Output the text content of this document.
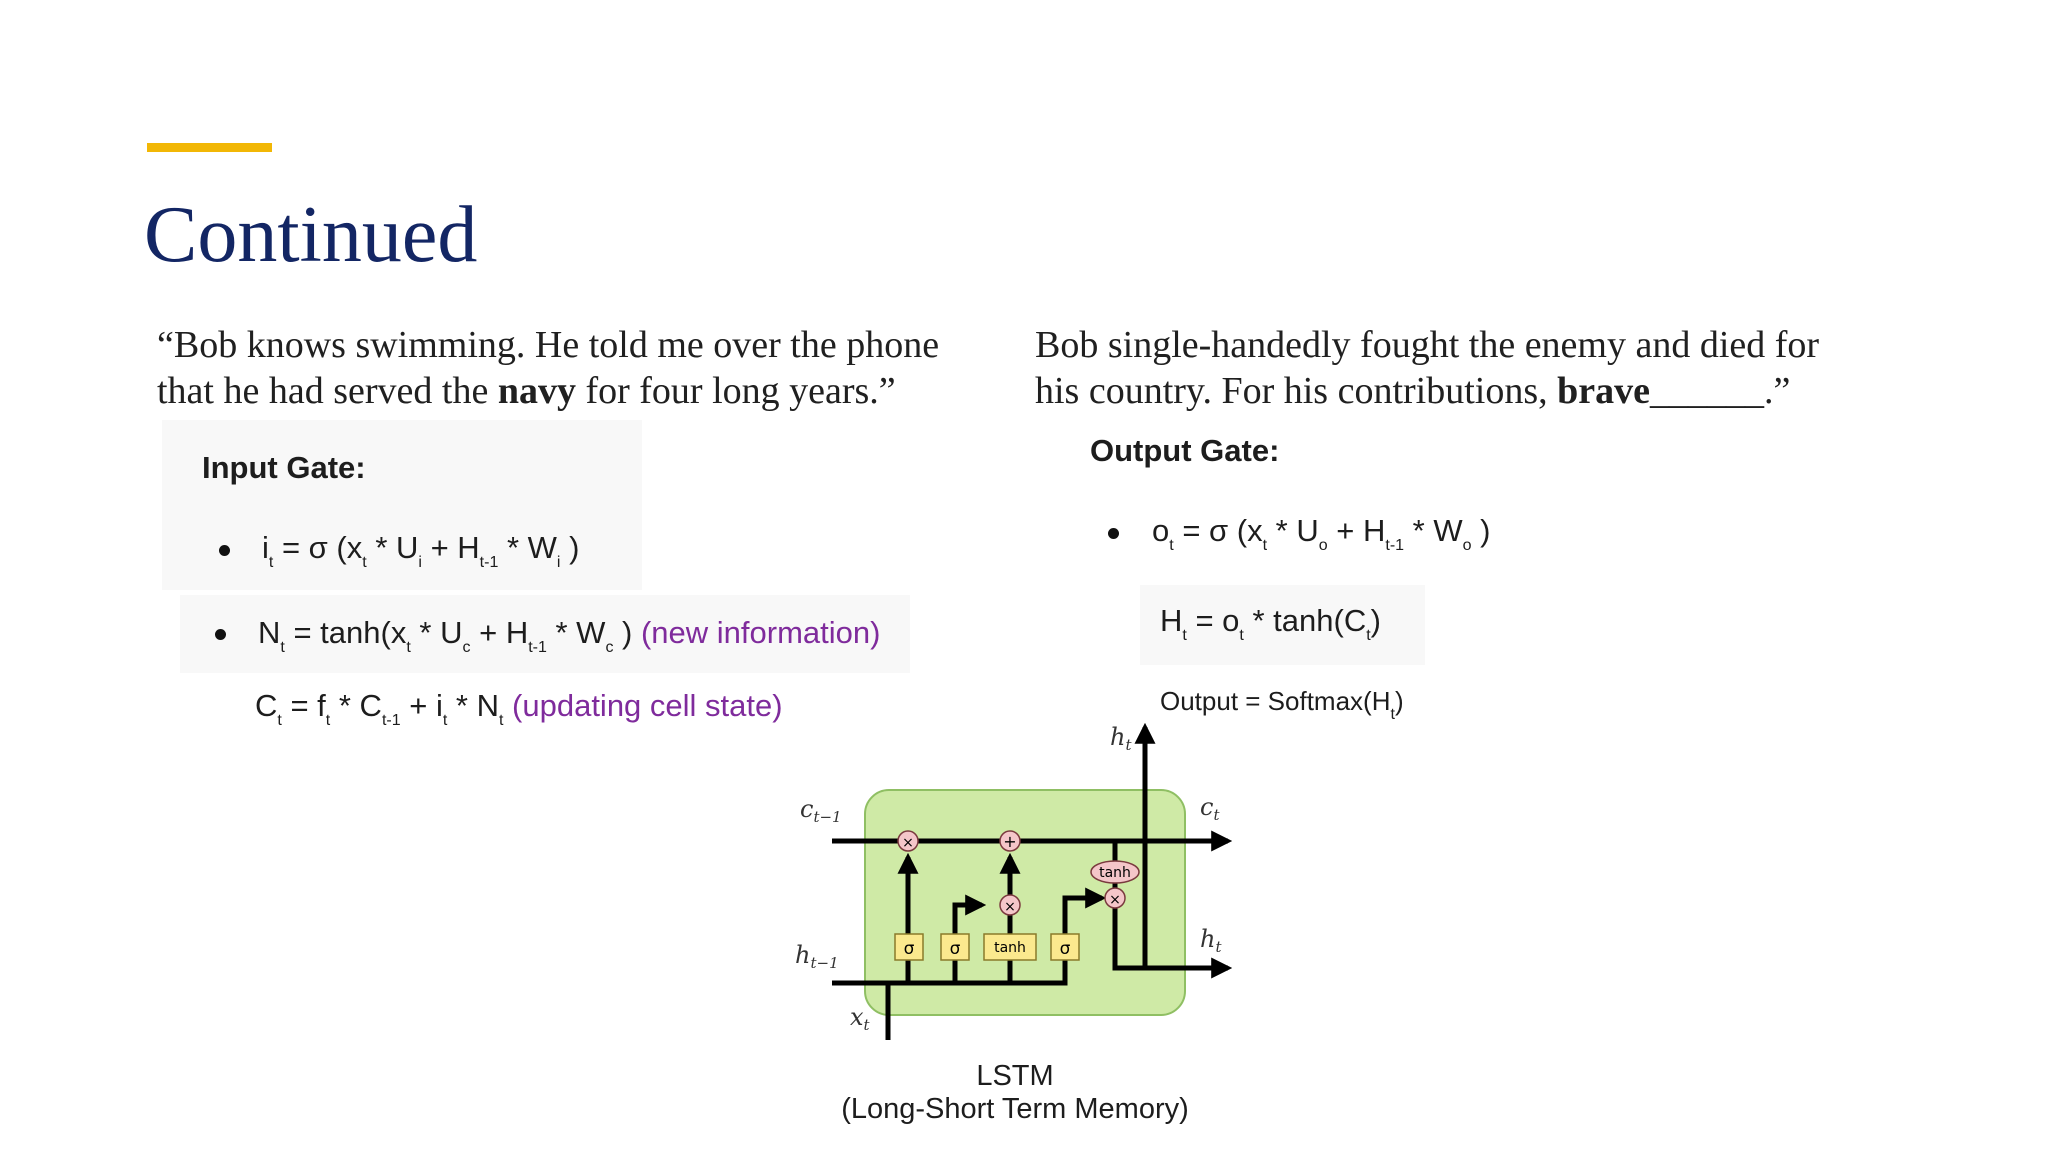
Continued
“Bob knows swimming. He told me over the phone
that he had served the navy for four long years.”
Bob single-handedly fought the enemy and died for
his country. For his contributions, brave______.”
Input Gate:
$i_t = \sigma$ ($x_t * U_i + H_{t-1} * W_i$ )
$N_t = \tanh(x_t * U_c + H_{t-1} * W_c$ ) (new information)
$C_t = f_t * C_{t-1} + i_t * N_t$ (updating cell state)
Output Gate:
$o_t = \sigma$ ($x_t * U_o + H_{t-1} * W_o$ )
$H_t = o_t * \tanh(C_t)$
Output = $Softmax(H_t)$
σ σ tanh σ
×	+
×
tanh
×
$c_{t-1}$	$c_t$
$h_{t-1}$
$h_t$
$h_t$
$x_t$
LSTM
(Long-Short Term Memory)
